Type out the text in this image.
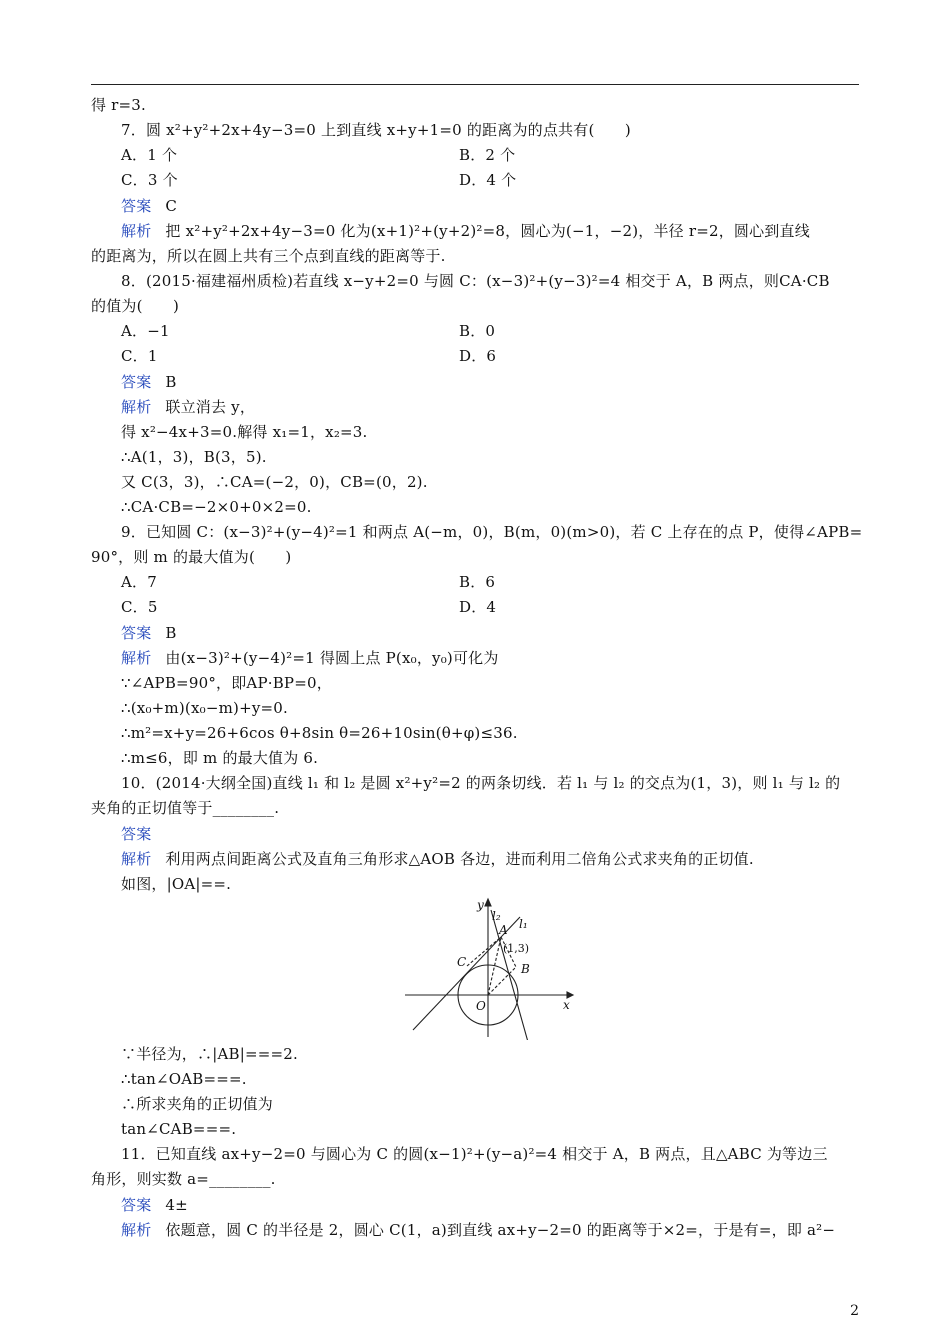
得 r=3.
7．圆 x²+y²+2x+4y−3=0 上到直线 x+y+1=0 的距离为的点共有(　　)
A．1 个	B．2 个
C．3 个	D．4 个
答案 C
解析 把 x²+y²+2x+4y−3=0 化为(x+1)²+(y+2)²=8，圆心为(−1，−2)，半径 r=2，圆心到直线
的距离为，所以在圆上共有三个点到直线的距离等于.
8．(2015·福建福州质检)若直线 x−y+2=0 与圆 C：(x−3)²+(y−3)²=4 相交于 A，B 两点，则CA·CB
的值为(　　)
A．−1	B．0
C．1	D．6
答案 B
解析 联立消去 y，
得 x²−4x+3=0.解得 x₁=1，x₂=3.
∴A(1，3)，B(3，5).
又 C(3，3)，∴CA=(−2，0)，CB=(0，2).
∴CA·CB=−2×0+0×2=0.
9．已知圆 C：(x−3)²+(y−4)²=1 和两点 A(−m，0)，B(m，0)(m>0)，若 C 上存在的点 P，使得∠APB=
90°，则 m 的最大值为(　　)
A．7	B．6
C．5	D．4
答案 B
解析 由(x−3)²+(y−4)²=1 得圆上点 P(x₀，y₀)可化为
∵∠APB=90°，即AP·BP=0，
∴(x₀+m)(x₀−m)+y=0.
∴m²=x+y=26+6cos θ+8sin θ=26+10sin(θ+φ)≤36.
∴m≤6，即 m 的最大值为 6.
10．(2014·大纲全国)直线 l₁ 和 l₂ 是圆 x²+y²=2 的两条切线．若 l₁ 与 l₂ 的交点为(1，3)，则 l₁ 与 l₂ 的
夹角的正切值等于________.
答案
解析 利用两点间距离公式及直角三角形求△AOB 各边，进而利用二倍角公式求夹角的正切值.
如图，|OA|==.
y
x
O
l₂
l₁
A
C	B
(1,3)
∵半径为，∴|AB|===2.
∴tan∠OAB===.
∴所求夹角的正切值为
tan∠CAB===.
11．已知直线 ax+y−2=0 与圆心为 C 的圆(x−1)²+(y−a)²=4 相交于 A，B 两点，且△ABC 为等边三
角形，则实数 a=________.
答案 4±
解析 依题意，圆 C 的半径是 2，圆心 C(1，a)到直线 ax+y−2=0 的距离等于×2=，于是有=，即 a²−
2
